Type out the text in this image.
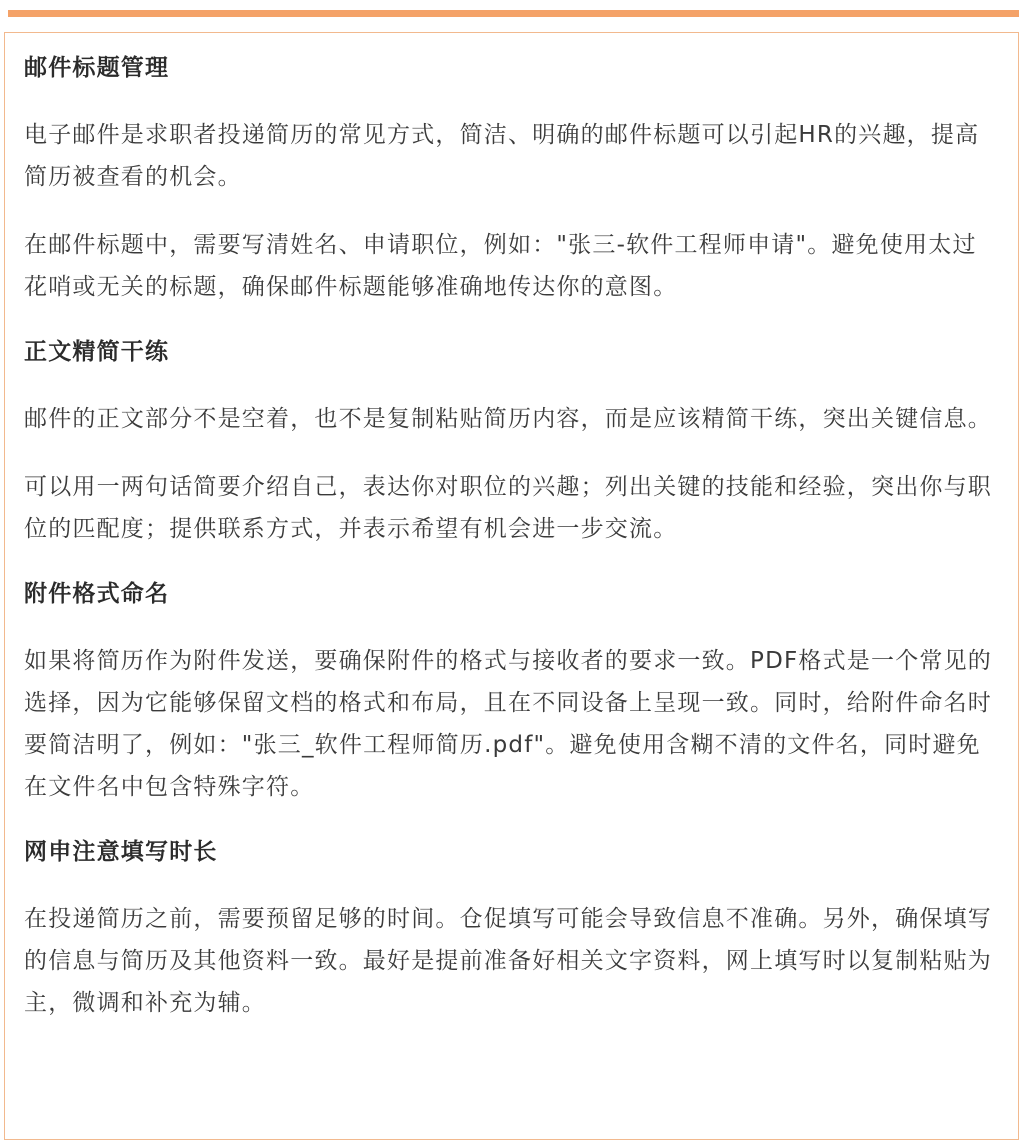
邮件标题管理

电子邮件是求职者投递简历的常见方式，简洁、明确的邮件标题可以引起HR的兴趣，提高简历被查看的机会。

在邮件标题中，需要写清姓名、申请职位，例如："张三-软件工程师申请"。避免使用太过花哨或无关的标题，确保邮件标题能够准确地传达你的意图。

正文精简干练

邮件的正文部分不是空着，也不是复制粘贴简历内容，而是应该精简干练，突出关键信息。

可以用一两句话简要介绍自己，表达你对职位的兴趣；列出关键的技能和经验，突出你与职位的匹配度；提供联系方式，并表示希望有机会进一步交流。

附件格式命名

如果将简历作为附件发送，要确保附件的格式与接收者的要求一致。PDF格式是一个常见的选择，因为它能够保留文档的格式和布局，且在不同设备上呈现一致。同时，给附件命名时要简洁明了，例如："张三_软件工程师简历.pdf"。避免使用含糊不清的文件名，同时避免在文件名中包含特殊字符。

网申注意填写时长

在投递简历之前，需要预留足够的时间。仓促填写可能会导致信息不准确。另外，确保填写的信息与简历及其他资料一致。最好是提前准备好相关文字资料，网上填写时以复制粘贴为主，微调和补充为辅。
